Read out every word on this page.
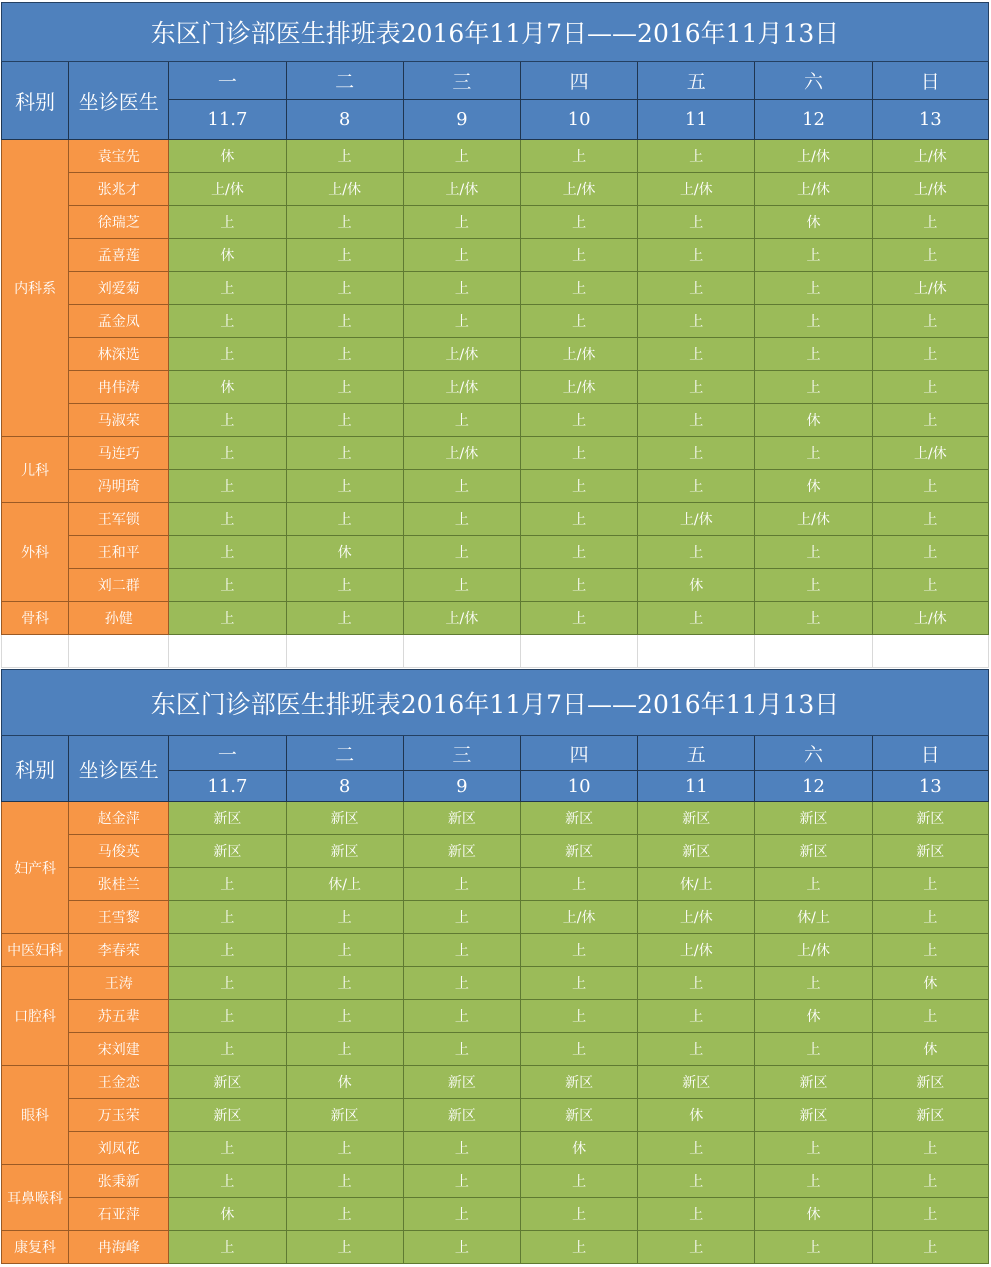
东区门诊部医生排班表2016年11月7日——2016年11月13日								
科别	坐诊医生	一	二	三	四	五	六	日
		11.7	8	9	10	11	12	13
内科系	袁宝先	休	上	上	上	上	上/休	上/休
	张兆才	上/休	上/休	上/休	上/休	上/休	上/休	上/休
	徐瑞芝	上	上	上	上	上	休	上
	孟喜莲	休	上	上	上	上	上	上
	刘爱菊	上	上	上	上	上	上	上/休
	孟金凤	上	上	上	上	上	上	上
	林深选	上	上	上/休	上/休	上	上	上
	冉伟涛	休	上	上/休	上/休	上	上	上
	马淑荣	上	上	上	上	上	休	上
儿科	马连巧	上	上	上/休	上	上	上	上/休
	冯明琦	上	上	上	上	上	休	上
外科	王军锁	上	上	上	上	上/休	上/休	上
	王和平	上	休	上	上	上	上	上
	刘二群	上	上	上	上	休	上	上
骨科	孙健	上	上	上/休	上	上	上	上/休

东区门诊部医生排班表2016年11月7日——2016年11月13日								
科别	坐诊医生	一	二	三	四	五	六	日
		11.7	8	9	10	11	12	13
妇产科	赵金萍	新区	新区	新区	新区	新区	新区	新区
	马俊英	新区	新区	新区	新区	新区	新区	新区
	张桂兰	上	休/上	上	上	休/上	上	上
	王雪黎	上	上	上	上/休	上/休	休/上	上
中医妇科	李春荣	上	上	上	上	上/休	上/休	上
口腔科	王涛	上	上	上	上	上	上	休
	苏五辈	上	上	上	上	上	休	上
	宋刘建	上	上	上	上	上	上	休
眼科	王金恋	新区	休	新区	新区	新区	新区	新区
	万玉荣	新区	新区	新区	新区	休	新区	新区
	刘凤花	上	上	上	休	上	上	上
耳鼻喉科	张秉新	上	上	上	上	上	上	上
	石亚萍	休	上	上	上	上	休	上
康复科	冉海峰	上	上	上	上	上	上	上
